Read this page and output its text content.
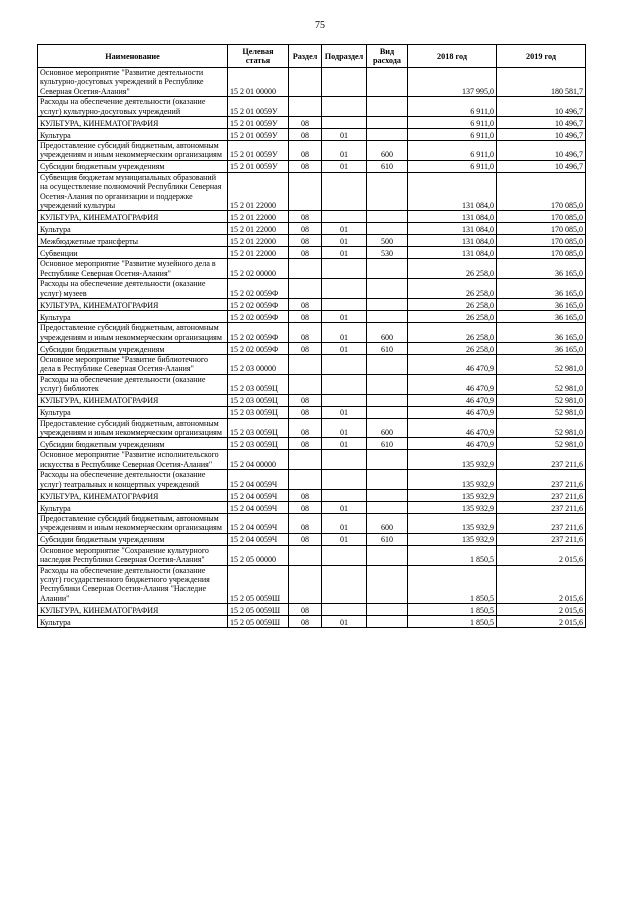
75
Наименование	Целевая статья	Раздел	Подраздел	Вид расхода	2018 год	2019 год
Основное мероприятие "Развитие деятельности культурно-досуговых учреждений в Республике Северная Осетия-Алания"	15 2 01 00000				137 995,0	180 581,7
Расходы на обеспечение деятельности (оказание услуг) культурно-досуговых учреждений	15 2 01 0059У				6 911,0	10 496,7
КУЛЬТУРА, КИНЕМАТОГРАФИЯ	15 2 01 0059У	08			6 911,0	10 496,7
Культура	15 2 01 0059У	08	01		6 911,0	10 496,7
Предоставление субсидий бюджетным, автономным учреждениям и иным некоммерческим организациям	15 2 01 0059У	08	01	600	6 911,0	10 496,7
Субсидии бюджетным учреждениям	15 2 01 0059У	08	01	610	6 911,0	10 496,7
Субвенция бюджетам муниципальных образований на осуществление полномочий Республики Северная Осетия-Алания по организации и поддержке учреждений культуры	15 2 01 22000				131 084,0	170 085,0
КУЛЬТУРА, КИНЕМАТОГРАФИЯ	15 2 01 22000	08			131 084,0	170 085,0
Культура	15 2 01 22000	08	01		131 084,0	170 085,0
Межбюджетные трансферты	15 2 01 22000	08	01	500	131 084,0	170 085,0
Субвенции	15 2 01 22000	08	01	530	131 084,0	170 085,0
Основное мероприятие "Развитие музейного дела в Республике Северная Осетия-Алания"	15 2 02 00000				26 258,0	36 165,0
Расходы на обеспечение деятельности (оказание услуг) музеев	15 2 02 0059Ф				26 258,0	36 165,0
КУЛЬТУРА, КИНЕМАТОГРАФИЯ	15 2 02 0059Ф	08			26 258,0	36 165,0
Культура	15 2 02 0059Ф	08	01		26 258,0	36 165,0
Предоставление субсидий бюджетным, автономным учреждениям и иным некоммерческим организациям	15 2 02 0059Ф	08	01	600	26 258,0	36 165,0
Субсидии бюджетным учреждениям	15 2 02 0059Ф	08	01	610	26 258,0	36 165,0
Основное мероприятие "Развитие библиотечного дела в Республике Северная Осетия-Алания"	15 2 03 00000				46 470,9	52 981,0
Расходы на обеспечение деятельности (оказание услуг) библиотек	15 2 03 0059Ц				46 470,9	52 981,0
КУЛЬТУРА, КИНЕМАТОГРАФИЯ	15 2 03 0059Ц	08			46 470,9	52 981,0
Культура	15 2 03 0059Ц	08	01		46 470,9	52 981,0
Предоставление субсидий бюджетным, автономным учреждениям и иным некоммерческим организациям	15 2 03 0059Ц	08	01	600	46 470,9	52 981,0
Субсидии бюджетным учреждениям	15 2 03 0059Ц	08	01	610	46 470,9	52 981,0
Основное мероприятие "Развитие исполнительского искусства в Республике Северная Осетия-Алания"	15 2 04 00000				135 932,9	237 211,6
Расходы на обеспечение деятельности (оказание услуг) театральных и концертных учреждений	15 2 04 0059Ч				135 932,9	237 211,6
КУЛЬТУРА, КИНЕМАТОГРАФИЯ	15 2 04 0059Ч	08			135 932,9	237 211,6
Культура	15 2 04 0059Ч	08	01		135 932,9	237 211,6
Предоставление субсидий бюджетным, автономным учреждениям и иным некоммерческим организациям	15 2 04 0059Ч	08	01	600	135 932,9	237 211,6
Субсидии бюджетным учреждениям	15 2 04 0059Ч	08	01	610	135 932,9	237 211,6
Основное мероприятие "Сохранение культурного наследия Республики Северная Осетия-Алания"	15 2 05 00000				1 850,5	2 015,6
Расходы на обеспечение деятельности (оказание услуг) государственного бюджетного учреждения Республики Северная Осетия-Алания "Наследие Алании"	15 2 05 0059Ш				1 850,5	2 015,6
КУЛЬТУРА, КИНЕМАТОГРАФИЯ	15 2 05 0059Ш	08			1 850,5	2 015,6
Культура	15 2 05 0059Ш	08	01		1 850,5	2 015,6
